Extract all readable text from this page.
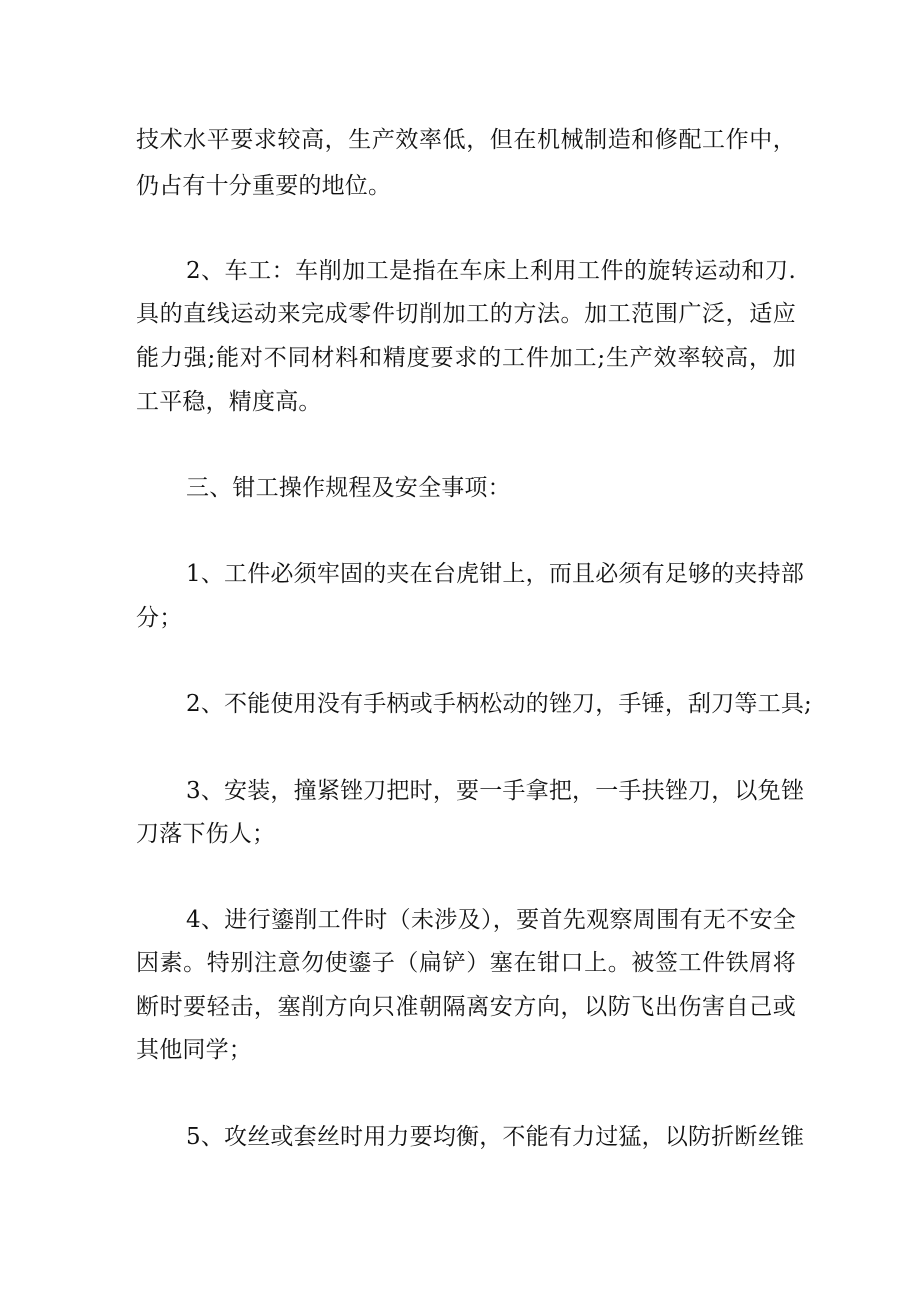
技术水平要求较高，生产效率低，但在机械制造和修配工作中，
仍占有十分重要的地位。
2、车工：车削加工是指在车床上利用工件的旋转运动和刀.
具的直线运动来完成零件切削加工的方法。加工范围广泛，适应
能力强;能对不同材料和精度要求的工件加工;生产效率较高，加
工平稳，精度高。
三、钳工操作规程及安全事项：
1、工件必须牢固的夹在台虎钳上，而且必须有足够的夹持部
分；
2、不能使用没有手柄或手柄松动的锉刀，手锤，刮刀等工具;
3、安装，撞紧锉刀把时，要一手拿把，一手扶锉刀，以免锉
刀落下伤人；
4、进行鎏削工件时（未涉及），要首先观察周围有无不安全
因素。特别注意勿使鎏子（扁铲）塞在钳口上。被签工件铁屑将
断时要轻击，塞削方向只准朝隔离安方向，以防飞出伤害自己或
其他同学；
5、攻丝或套丝时用力要均衡，不能有力过猛，以防折断丝锥
